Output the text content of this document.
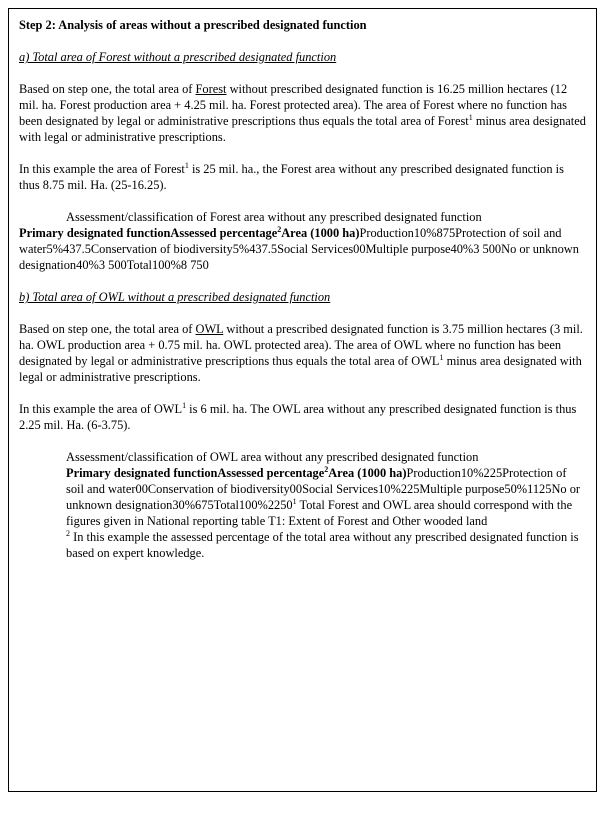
Step 2: Analysis of areas without a prescribed designated function

a) Total area of Forest without a prescribed designated function

Based on step one, the total area of Forest without prescribed designated function is 16.25 million hectares (12 mil. ha. Forest production area + 4.25 mil. ha. Forest protected area). The area of Forest where no function has been designated by legal or administrative prescriptions thus equals the total area of Forest$^1$ minus area designated with legal or administrative prescriptions.

In this example the area of Forest$^1$ is 25 mil. ha., the Forest area without any prescribed designated function is thus 8.75 mil. Ha. (25-16.25).

Assessment/classification of Forest area without any prescribed designated function

Primary designated functionAssessed percentage$^2$Area (1000 ha)Production10%875Protection of soil and water5%437.5Conservation of biodiversity5%437.5Social Services00Multiple purpose40%3 500No or unknown designation40%3 500Total100%8 750

b) Total area of OWL without a prescribed designated function

Based on step one, the total area of OWL without a prescribed designated function is 3.75 million hectares (3 mil. ha. OWL production area + 0.75 mil. ha. OWL protected area). The area of OWL where no function has been designated by legal or administrative prescriptions thus equals the total area of OWL$^1$ minus area designated with legal or administrative prescriptions.

In this example the area of OWL$^1$ is 6 mil. ha. The OWL area without any prescribed designated function is thus 2.25 mil. Ha. (6-3.75).

Assessment/classification of OWL area without any prescribed designated function

Primary designated functionAssessed percentage$^2$Area (1000 ha)Production10%225Protection of soil and water00Conservation of biodiversity00Social Services10%225Multiple purpose50%1125No or unknown designation30%675Total100%2250$^1$ Total Forest and OWL area should correspond with the figures given in National reporting table T1: Extent of Forest and Other wooded land

$^2$ In this example the assessed percentage of the total area without any prescribed designated function is based on expert knowledge.
